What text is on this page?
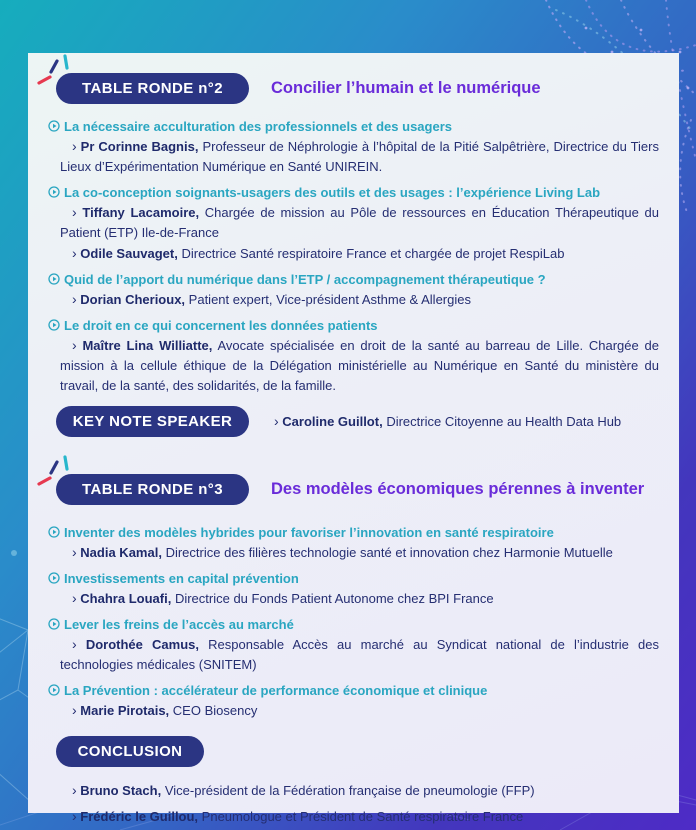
TABLE RONDE n°2	Concilier l’humain et le numérique
La nécessaire acculturation des professionnels et des usagers

› Pr Corinne Bagnis, Professeur de Néphrologie à l’hôpital de la Pitié Salpêtrière, Directrice du Tiers Lieux d’Expérimentation Numérique en Santé UNIREIN.

La co-conception soignants-usagers des outils et des usages : l’expérience Living Lab

› Tiffany Lacamoire, Chargée de mission au Pôle de ressources en Éducation Thérapeutique du Patient (ETP) Ile-de-France

› Odile Sauvaget, Directrice Santé respiratoire France et chargée de projet RespiLab

Quid de l’apport du numérique dans l’ETP / accompagnement thérapeutique ?

› Dorian Cherioux, Patient expert, Vice-président Asthme & Allergies

Le droit en ce qui concernent les données patients

› Maître Lina Williatte, Avocate spécialisée en droit de la santé au barreau de Lille. Chargée de mission à la cellule éthique de la Délégation ministérielle au Numérique en Santé du ministère du travail, de la santé, des solidarités, de la famille.

KEY NOTE SPEAKER	› Caroline Guillot, Directrice Citoyenne au Health Data Hub

TABLE RONDE n°3	Des modèles économiques pérennes à inventer
Inventer des modèles hybrides pour favoriser l’innovation en santé respiratoire

› Nadia Kamal, Directrice des filières technologie santé et innovation chez Harmonie Mutuelle

Investissements en capital prévention

› Chahra Louafi, Directrice du Fonds Patient Autonome chez BPI France

Lever les freins de l’accès au marché

› Dorothée Camus, Responsable Accès au marché au Syndicat national de l’industrie des technologies médicales (SNITEM)

La Prévention : accélérateur de performance économique et clinique

› Marie Pirotais, CEO Biosency

CONCLUSION

› Bruno Stach, Vice-président de la Fédération française de pneumologie (FFP)

› Frédéric le Guillou, Pneumologue et Président de Santé respiratoire France
